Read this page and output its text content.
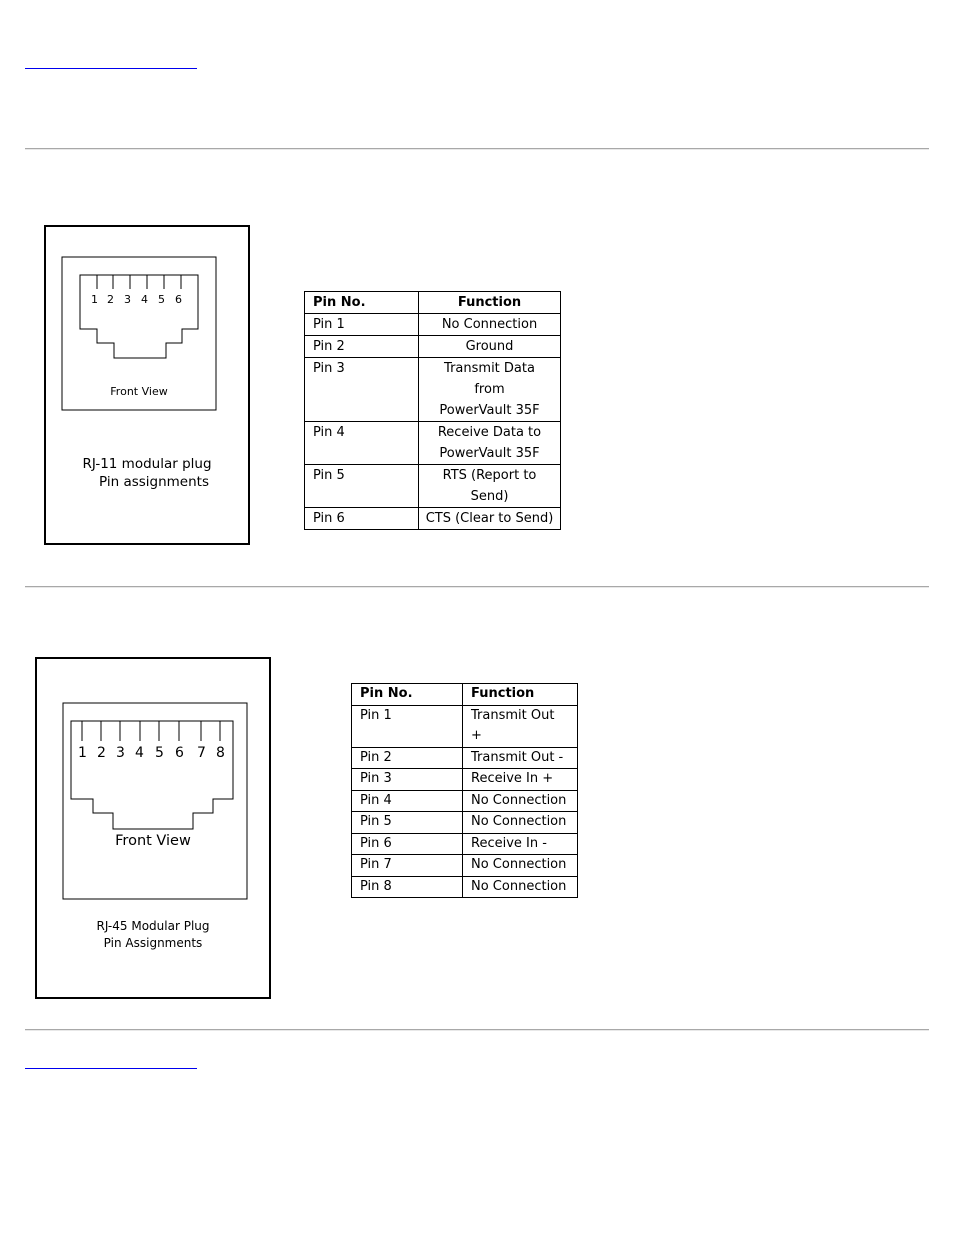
1 2 3 4 5 6
Front View
RJ-11 modular plug
Pin assignments
Pin No.	Function
Pin 1	No Connection

Pin 2	Ground

Pin 3	Transmit Data
from
PowerVault 35F

Pin 4	Receive Data to
PowerVault 35F

Pin 5	RTS (Report to
Send)

Pin 6	CTS (Clear to Send)
1 2 3 4 5 6 7 8
Front View
RJ-45 Modular Plug
Pin Assignments
Pin No.	Function
Pin 1	Transmit Out +
Pin 2	Transmit Out -
Pin 3	Receive In +
Pin 4	No Connection
Pin 5	No Connection
Pin 6	Receive In -
Pin 7	No Connection
Pin 8	No Connection
